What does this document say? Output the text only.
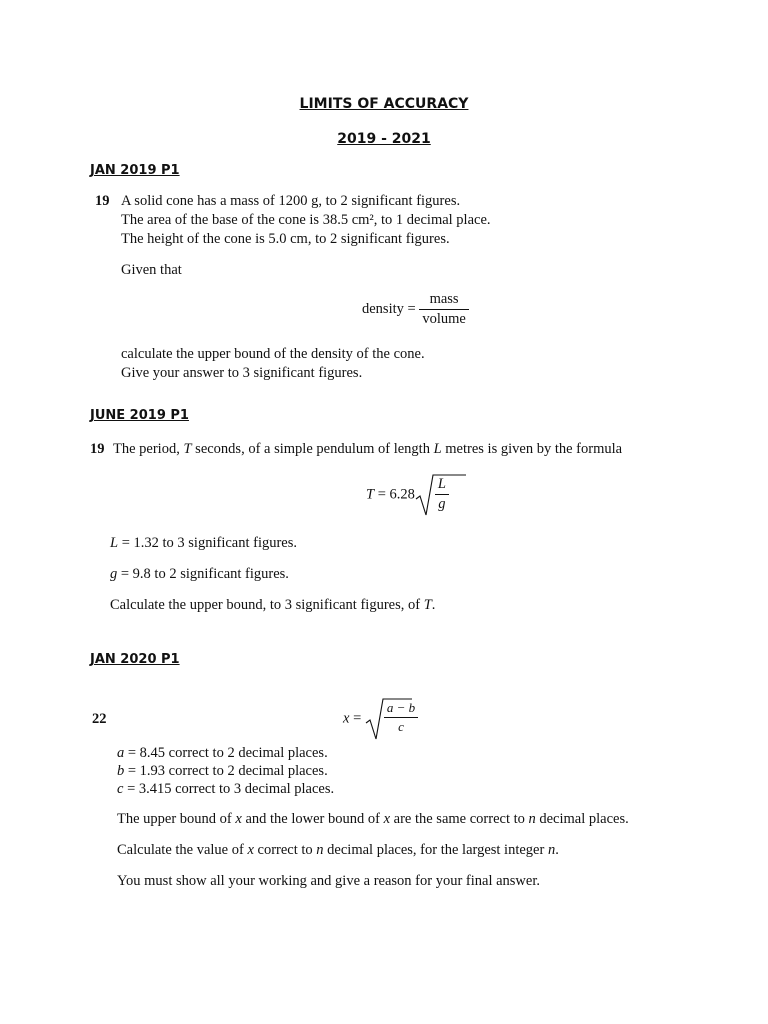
LIMITS OF ACCURACY
2019 - 2021
JAN 2019 P1
19 A solid cone has a mass of 1200 g, to 2 significant figures.
The area of the base of the cone is 38.5 cm², to 1 decimal place.
The height of the cone is 5.0 cm, to 2 significant figures.
Given that
density = $\frac{\text{mass}}{\text{volume}}$
calculate the upper bound of the density of the cone.
Give your answer to 3 significant figures.
JUNE 2019 P1
19 The period, T seconds, of a simple pendulum of length L metres is given by the formula
$T = 6.28 \frac{L}{g}$
L = 1.32 to 3 significant figures.
g = 9.8 to 2 significant figures.
Calculate the upper bound, to 3 significant figures, of T.
JAN 2020 P1
22	$x = \frac{a - b}{c}$
a = 8.45 correct to 2 decimal places.
b = 1.93 correct to 2 decimal places.
c = 3.415 correct to 3 decimal places.
The upper bound of x and the lower bound of x are the same correct to n decimal places.
Calculate the value of x correct to n decimal places, for the largest integer n.
You must show all your working and give a reason for your final answer.
